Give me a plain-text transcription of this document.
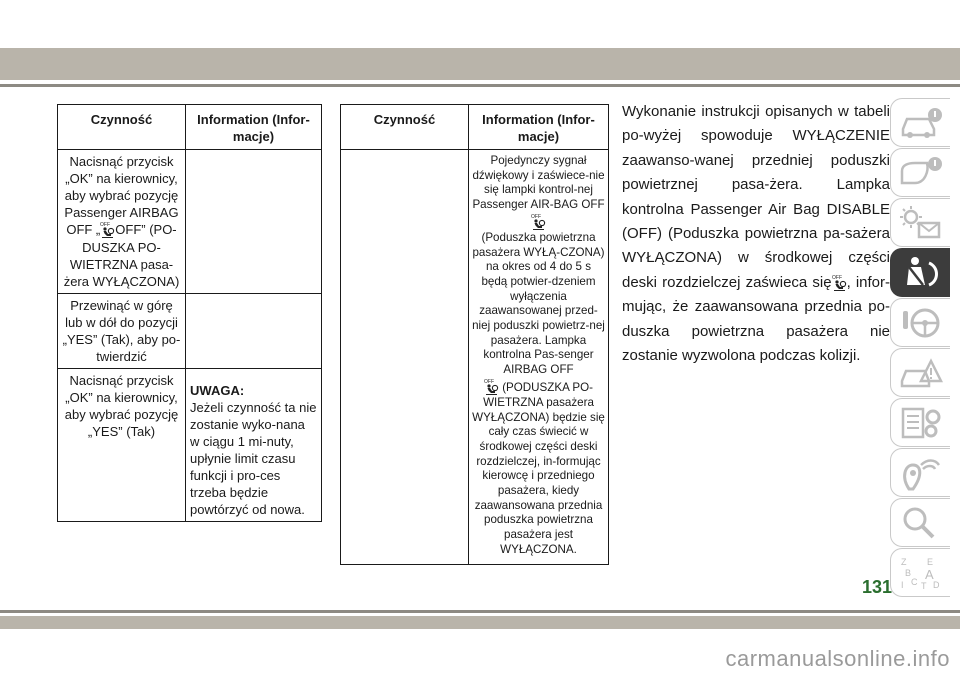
Czynność	Information (Infor-macje)
Nacisnąć przycisk „OK” na kierownicy, aby wybrać pozycję Passenger AIRBAG OFF „ OFF” (PO-DUSZKA PO-WIETRZNA pasa-żera WYŁĄCZONA)	
Przewinąć w górę lub w dół do pozycji „YES” (Tak), aby po-twierdzić	
Nacisnąć przycisk „OK” na kierownicy, aby wybrać pozycję „YES” (Tak)	UWAGA:
Jeżeli czynność ta nie zostanie wyko-nana w ciągu 1 mi-nuty, upłynie limit czasu funkcji i pro-ces trzeba będzie powtórzyć od nowa.
Czynność	Information (Infor-macje)
	Pojedynczy sygnał dźwiękowy i zaświece-nie się lampki kontrol-nej Passenger AIR-BAG OFF

(Poduszka powietrzna pasażera WYŁĄ-CZONA) na okres od 4 do 5 s będą potwier-dzeniem wyłączenia zaawansowanej przed-niej poduszki powietrz-nej pasażera. Lampka kontrolna Pas-senger AIRBAG OFF

(PODUSZKA PO-WIETRZNA pasażera WYŁĄCZONA) będzie się cały czas świecić w środkowej części deski rozdzielczej, in-formując kierowcę i przedniego pasażera, kiedy zaawansowana przednia poduszka powietrzna pasażera jest WYŁĄCZONA.
Wykonanie instrukcji opisanych w tabeli po-wyżej spowoduje WYŁĄCZENIE zaawanso-wanej przedniej poduszki powietrznej pasa-żera. Lampka kontrolna Passenger Air Bag DISABLE (OFF) (Poduszka powietrzna pa-sażera WYŁĄCZONA) w środkowej części deski rozdzielczej zaświeca się , infor-mując, że zaawansowana przednia po-duszka powietrzna pasażera nie zostanie wyzwolona podczas kolizji.
Z E
B A
I C T D
131
carmanualsonline.info
